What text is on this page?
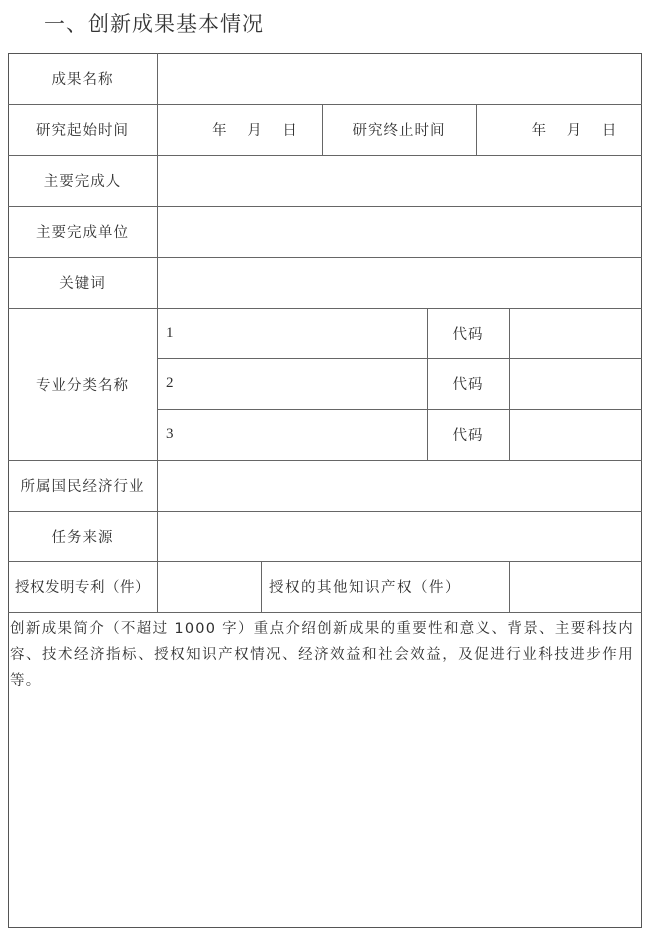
一、创新成果基本情况
成果名称
研究起始时间	年 月 日	研究终止时间	年 月 日
主要完成人
主要完成单位
关键词
专业分类名称
1	代码
2	代码
3	代码
所属国民经济行业
任务来源
授权发明专利（件）	授权的其他知识产权（件）
创新成果简介（不超过 1000 字）重点介绍创新成果的重要性和意义、背景、主要科技内容、技术经济指标、授权知识产权情况、经济效益和社会效益，及促进行业科技进步作用等。
